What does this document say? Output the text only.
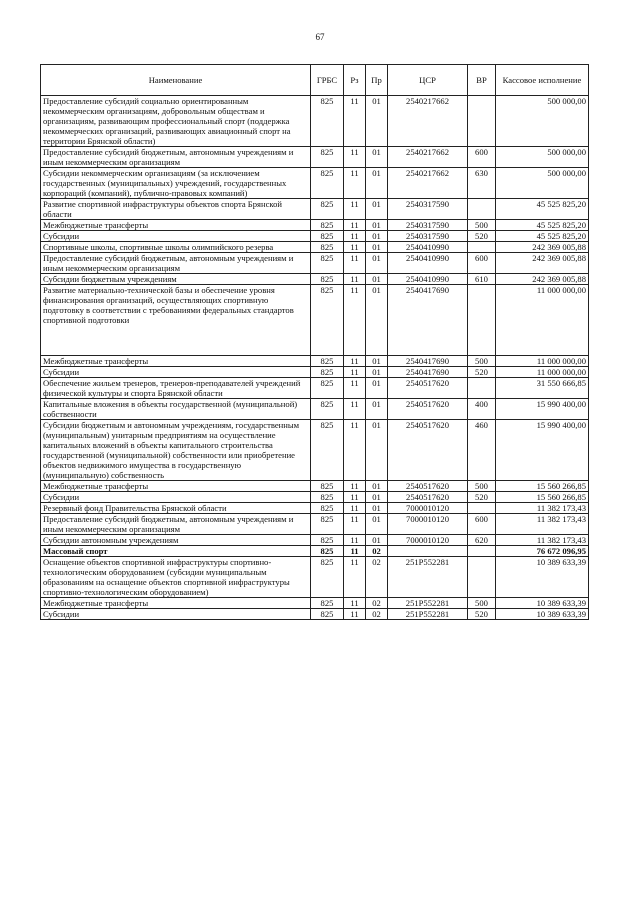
67
Наименование	ГРБС	Рз	Пр	ЦСР	ВР	Кассовое исполнение
Предоставление субсидий социально ориентированным некоммерческим организациям, добровольным обществам и организациям, развивающим профессиональный спорт (поддержка некоммерческих организаций, развивающих авиационный спорт на территории Брянской области)	825	11	01	2540217662		500 000,00
Предоставление субсидий бюджетным, автономным учреждениям и иным некоммерческим организациям	825	11	01	2540217662	600	500 000,00
Субсидии некоммерческим организациям (за исключением государственных (муниципальных) учреждений, государственных корпораций (компаний), публично-правовых компаний)	825	11	01	2540217662	630	500 000,00
Развитие спортивной инфраструктуры объектов спорта Брянской области	825	11	01	2540317590		45 525 825,20
Межбюджетные трансферты	825	11	01	2540317590	500	45 525 825,20
Субсидии	825	11	01	2540317590	520	45 525 825,20
Спортивные школы, спортивные школы олимпийского резерва	825	11	01	2540410990		242 369 005,88
Предоставление субсидий бюджетным, автономным учреждениям и иным некоммерческим организациям	825	11	01	2540410990	600	242 369 005,88
Субсидии бюджетным учреждениям	825	11	01	2540410990	610	242 369 005,88
Развитие материально-технической базы и обеспечение уровня финансирования организаций, осуществляющих спортивную подготовку в соответствии с требованиями федеральных стандартов спортивной подготовки	825	11	01	2540417690		11 000 000,00
Межбюджетные трансферты	825	11	01	2540417690	500	11 000 000,00
Субсидии	825	11	01	2540417690	520	11 000 000,00
Обеспечение жильем тренеров, тренеров-преподавателей учреждений физической культуры и спорта Брянской области	825	11	01	2540517620		31 550 666,85
Капитальные вложения в объекты государственной (муниципальной) собственности	825	11	01	2540517620	400	15 990 400,00
Субсидии бюджетным и автономным учреждениям, государственным (муниципальным) унитарным предприятиям на осуществление капитальных вложений в объекты капитального строительства государственной (муниципальной) собственности или приобретение объектов недвижимого имущества в государственную (муниципальную) собственность	825	11	01	2540517620	460	15 990 400,00
Межбюджетные трансферты	825	11	01	2540517620	500	15 560 266,85
Субсидии	825	11	01	2540517620	520	15 560 266,85
Резервный фонд Правительства Брянской области	825	11	01	7000010120		11 382 173,43
Предоставление субсидий бюджетным, автономным учреждениям и иным некоммерческим организациям	825	11	01	7000010120	600	11 382 173,43
Субсидии автономным учреждениям	825	11	01	7000010120	620	11 382 173,43
Массовый спорт	825	11	02			76 672 096,95
Оснащение объектов спортивной инфраструктуры спортивно-технологическим оборудованием (субсидии муниципальным образованиям на оснащение объектов спортивной инфраструктуры спортивно-технологическим оборудованием)	825	11	02	251P552281		10 389 633,39
Межбюджетные трансферты	825	11	02	251P552281	500	10 389 633,39
Субсидии	825	11	02	251P552281	520	10 389 633,39
